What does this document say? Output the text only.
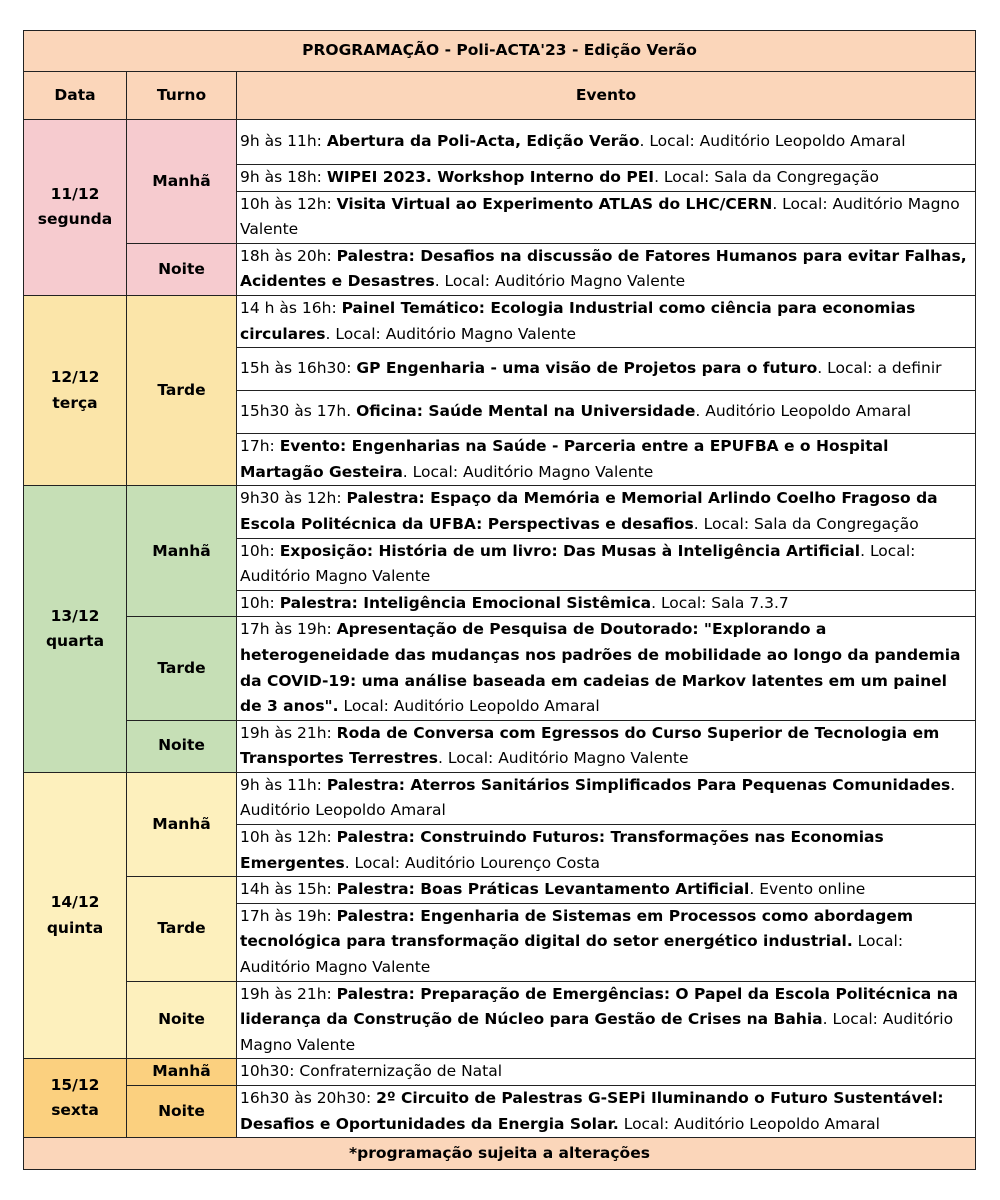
PROGRAMAÇÃO - Poli-ACTA'23 - Edição Verão		
Data	Turno	Evento

11/12
segunda	Manhã	9h às 11h: Abertura da Poli-Acta, Edição Verão. Local: Auditório Leopoldo Amaral
		9h às 18h: WIPEI 2023. Workshop Interno do PEI. Local: Sala da Congregação
		10h às 12h: Visita Virtual ao Experimento ATLAS do LHC/CERN. Local: Auditório Magno Valente
	Noite	18h às 20h: Palestra: Desafios na discussão de Fatores Humanos para evitar Falhas, Acidentes e Desastres. Local: Auditório Magno Valente

12/12
terça	Tarde	14 h às 16h: Painel Temático: Ecologia Industrial como ciência para economias circulares. Local: Auditório Magno Valente
		15h às 16h30: GP Engenharia - uma visão de Projetos para o futuro. Local: a definir
		15h30 às 17h. Oficina: Saúde Mental na Universidade. Auditório Leopoldo Amaral
		17h: Evento: Engenharias na Saúde - Parceria entre a EPUFBA e o Hospital Martagão Gesteira. Local: Auditório Magno Valente

13/12
quarta	Manhã	9h30 às 12h: Palestra: Espaço da Memória e Memorial Arlindo Coelho Fragoso da Escola Politécnica da UFBA: Perspectivas e desafios. Local: Sala da Congregação
		10h: Exposição: História de um livro: Das Musas à Inteligência Artificial. Local: Auditório Magno Valente
		10h: Palestra: Inteligência Emocional Sistêmica. Local: Sala 7.3.7
	Tarde	17h às 19h: Apresentação de Pesquisa de Doutorado: "Explorando a heterogeneidade das mudanças nos padrões de mobilidade ao longo da pandemia da COVID-19: uma análise baseada em cadeias de Markov latentes em um painel de 3 anos". Local: Auditório Leopoldo Amaral
	Noite	19h às 21h: Roda de Conversa com Egressos do Curso Superior de Tecnologia em Transportes Terrestres. Local: Auditório Magno Valente

14/12
quinta	Manhã	9h às 11h: Palestra: Aterros Sanitários Simplificados Para Pequenas Comunidades. Auditório Leopoldo Amaral
		10h às 12h: Palestra: Construindo Futuros: Transformações nas Economias Emergentes. Local: Auditório Lourenço Costa
	Tarde	14h às 15h: Palestra: Boas Práticas Levantamento Artificial. Evento online
		17h às 19h: Palestra: Engenharia de Sistemas em Processos como abordagem tecnológica para transformação digital do setor energético industrial. Local: Auditório Magno Valente
	Noite	19h às 21h: Palestra: Preparação de Emergências: O Papel da Escola Politécnica na liderança da Construção de Núcleo para Gestão de Crises na Bahia. Local: Auditório Magno Valente

15/12
sexta	Manhã	10h30: Confraternização de Natal
	Noite	16h30 às 20h30: 2º Circuito de Palestras G-SEPi Iluminando o Futuro Sustentável: Desafios e Oportunidades da Energia Solar. Local: Auditório Leopoldo Amaral
*programação sujeita a alterações		
